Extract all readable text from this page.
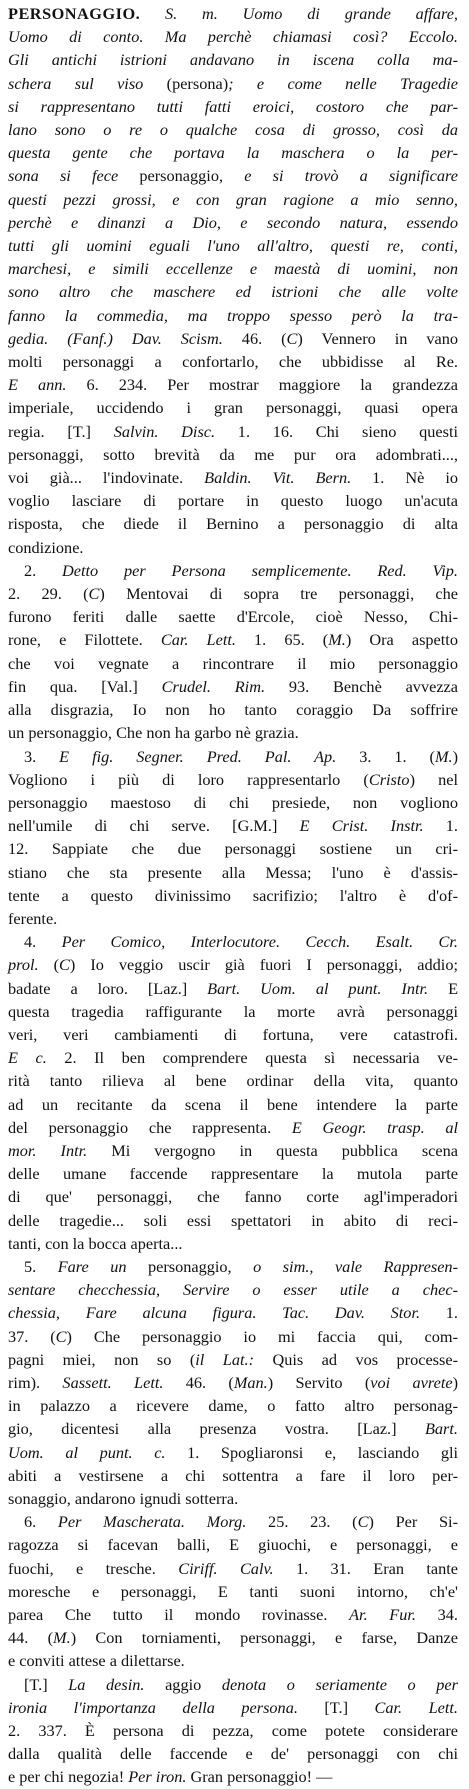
PERSONAGGIO. S. m. Uomo di grande affare,
Uomo di conto. Ma perchè chiamasi così? Eccolo.
Gli antichi istrioni andavano in iscena colla ma-
schera sul viso (persona); e come nelle Tragedie
si rappresentano tutti fatti eroici, costoro che par-
lano sono o re o qualche cosa di grosso, così da
questa gente che portava la maschera o la per-
sona si fece personaggio, e si trovò a significare
questi pezzi grossi, e con gran ragione a mio senno,
perchè e dinanzi a Dio, e secondo natura, essendo
tutti gli uomini eguali l'uno all'altro, questi re, conti,
marchesi, e simili eccellenze e maestà di uomini, non
sono altro che maschere ed istrioni che alle volte
fanno la commedia, ma troppo spesso però la tra-
gedia. (Fanf.) Dav. Scism. 46. (C) Vennero in vano
molti personaggi a confortarlo, che ubbidisse al Re.
E ann. 6. 234. Per mostrar maggiore la grandezza
imperiale, uccidendo i gran personaggi, quasi opera
regia. [T.] Salvin. Disc. 1. 16. Chi sieno questi
personaggi, sotto brevità da me pur ora adombrati...,
voi già... l'indovinate. Baldin. Vit. Bern. 1. Nè io
voglio lasciare di portare in questo luogo un'acuta
risposta, che diede il Bernino a personaggio di alta
condizione.
2. Detto per Persona semplicemente. Red. Vip.
2. 29. (C) Mentovai di sopra tre personaggi, che
furono feriti dalle saette d'Ercole, cioè Nesso, Chi-
rone, e Filottete. Car. Lett. 1. 65. (M.) Ora aspetto
che voi vegnate a rincontrare il mio personaggio
fin qua. [Val.] Crudel. Rim. 93. Benchè avvezza
alla disgrazia, Io non ho tanto coraggio Da soffrire
un personaggio, Che non ha garbo nè grazia.
3. E fig. Segner. Pred. Pal. Ap. 3. 1. (M.)
Vogliono i più di loro rappresentarlo (Cristo) nel
personaggio maestoso di chi presiede, non vogliono
nell'umile di chi serve. [G.M.] E Crist. Instr. 1.
12. Sappiate che due personaggi sostiene un cri-
stiano che sta presente alla Messa; l'uno è d'assis-
tente a questo divinissimo sacrifizio; l'altro è d'of-
ferente.
4. Per Comico, Interlocutore. Cecch. Esalt. Cr.
prol. (C) Io veggio uscir già fuori I personaggi, addio;
badate a loro. [Laz.] Bart. Uom. al punt. Intr. E
questa tragedia raffigurante la morte avrà personaggi
veri, veri cambiamenti di fortuna, vere catastrofi.
E c. 2. Il ben comprendere questa sì necessaria ve-
rità tanto rilieva al bene ordinar della vita, quanto
ad un recitante da scena il bene intendere la parte
del personaggio che rappresenta. E Geogr. trasp. al
mor. Intr. Mi vergogno in questa pubblica scena
delle umane faccende rappresentare la mutola parte
di que' personaggi, che fanno corte agl'imperadori
delle tragedie... soli essi spettatori in abito di reci-
tanti, con la bocca aperta...
5. Fare un personaggio, o sim., vale Rappresen-
sentare checchessia, Servire o esser utile a chec-
chessia, Fare alcuna figura. Tac. Dav. Stor. 1.
37. (C) Che personaggio io mi faccia qui, com-
pagni miei, non so (il Lat.: Quis ad vos processe-
rim). Sassett. Lett. 46. (Man.) Servito (voi avrete)
in palazzo a ricevere dame, o fatto altro personag-
gio, dicentesi alla presenza vostra. [Laz.] Bart.
Uom. al punt. c. 1. Spogliaronsi e, lasciando gli
abiti a vestirsene a chi sottentra a fare il loro per-
sonaggio, andarono ignudi sotterra.
6. Per Mascherata. Morg. 25. 23. (C) Per Si-
ragozza si facevan balli, E giuochi, e personaggi, e
fuochi, e tresche. Ciriff. Calv. 1. 31. Eran tante
moresche e personaggi, E tanti suoni intorno, ch'e'
parea Che tutto il mondo rovinasse. Ar. Fur. 34.
44. (M.) Con torniamenti, personaggi, e farse, Danze
e conviti attese a dilettarse.
[T.] La desin. aggio denota o seriamente o per
ironia l'importanza della persona. [T.] Car. Lett.
2. 337. È persona di pezza, come potete considerare
dalla qualità delle faccende e de' personaggi con chi
e per chi negozia! Per iron. Gran personaggio! —
